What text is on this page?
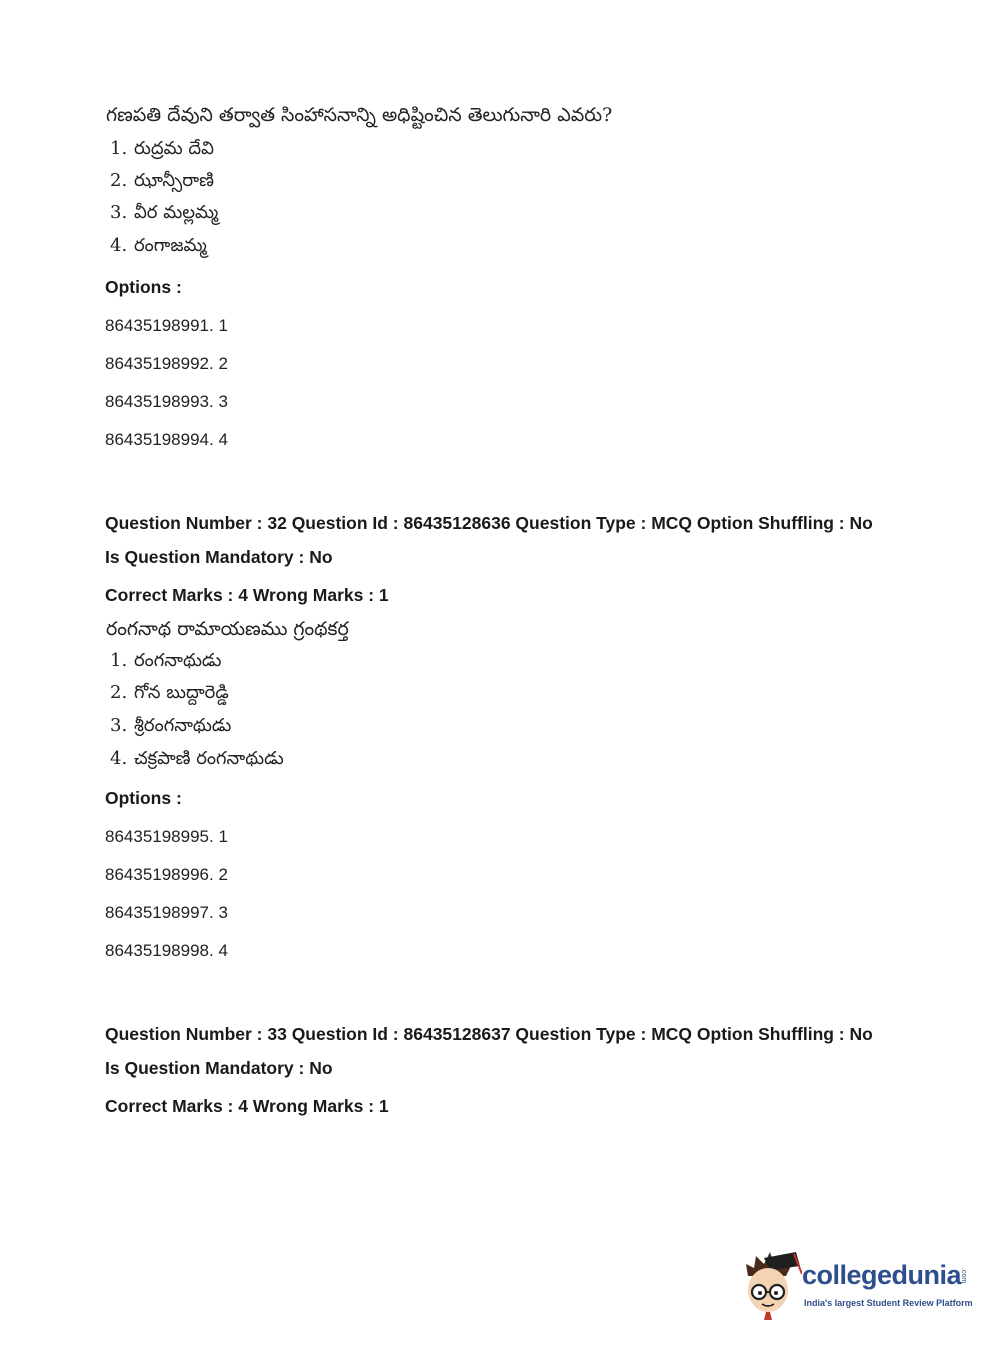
గణపతి దేవుని తర్వాత సింహాసనాన్ని అధిష్టించిన తెలుగునారి ఎవరు?
1. రుద్రమ దేవి
2. ఝాన్సీరాణి
3. వీర మల్లమ్మ
4. రంగాజమ్మ
Options :
86435198991. 1
86435198992. 2
86435198993. 3
86435198994. 4
Question Number : 32 Question Id : 86435128636 Question Type : MCQ Option Shuffling : No
Is Question Mandatory : No
Correct Marks : 4 Wrong Marks : 1
రంగనాథ రామాయణము గ్రంథకర్త
1. రంగనాథుడు
2. గోన బుద్దారెడ్డి
3. శ్రీరంగనాథుడు
4. చక్రపాణి రంగనాథుడు
Options :
86435198995. 1
86435198996. 2
86435198997. 3
86435198998. 4
Question Number : 33 Question Id : 86435128637 Question Type : MCQ Option Shuffling : No
Is Question Mandatory : No
Correct Marks : 4 Wrong Marks : 1
collegedunia
.com
India's largest Student Review Platform
